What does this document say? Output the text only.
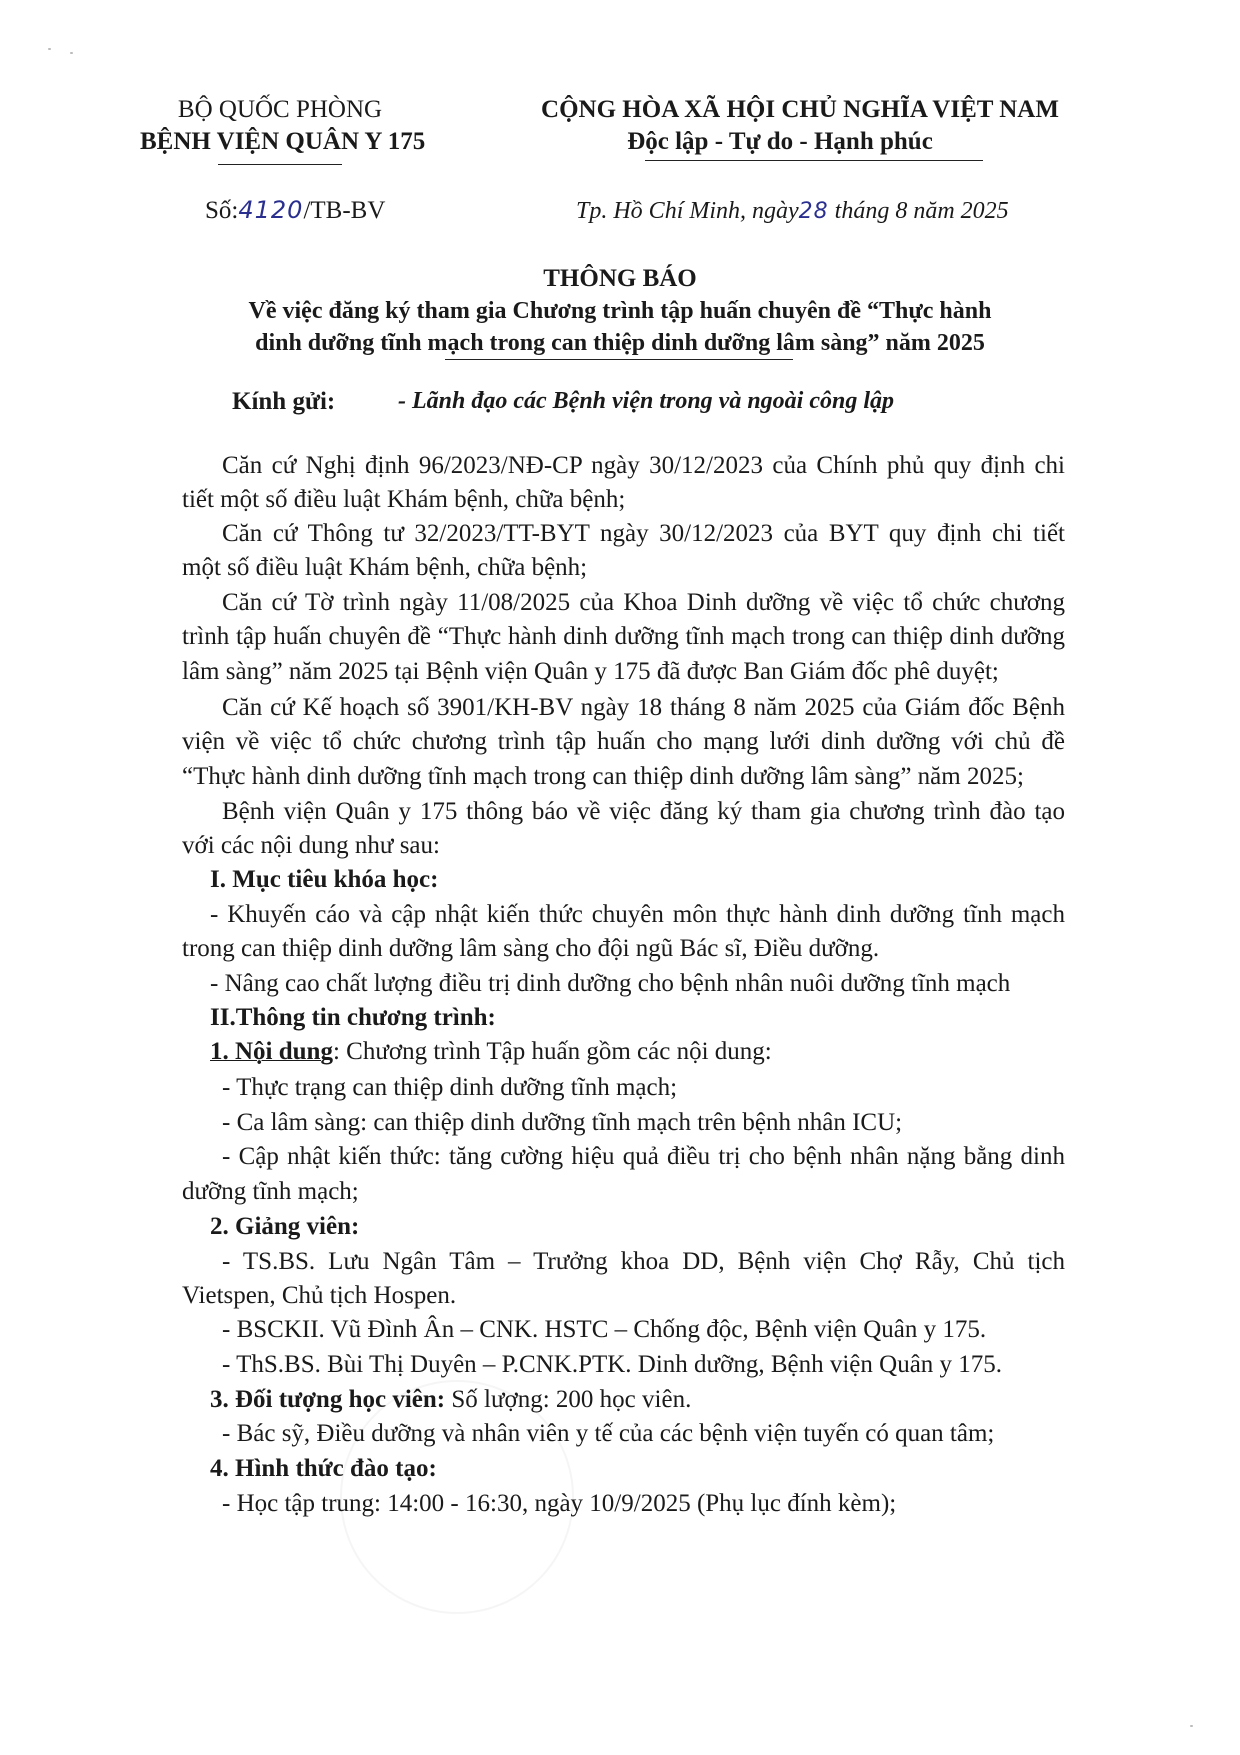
BỘ QUỐC PHÒNG
BỆNH VIỆN QUÂN Y 175
CỘNG HÒA XÃ HỘI CHỦ NGHĨA VIỆT NAM
Độc lập - Tự do - Hạnh phúc
Số:4120/TB-BV	Tp. Hồ Chí Minh, ngày28 tháng 8 năm 2025
THÔNG BÁO
Về việc đăng ký tham gia Chương trình tập huấn chuyên đề “Thực hành
dinh dưỡng tĩnh mạch trong can thiệp dinh dưỡng lâm sàng” năm 2025
Kính gửi:	- Lãnh đạo các Bệnh viện trong và ngoài công lập
Căn cứ Nghị định 96/2023/NĐ-CP ngày 30/12/2023 của Chính phủ quy định chi
tiết một số điều luật Khám bệnh, chữa bệnh;
Căn cứ Thông tư 32/2023/TT-BYT ngày 30/12/2023 của BYT quy định chi tiết
một số điều luật Khám bệnh, chữa bệnh;
Căn cứ Tờ trình ngày 11/08/2025 của Khoa Dinh dưỡng về việc tổ chức chương
trình tập huấn chuyên đề “Thực hành dinh dưỡng tĩnh mạch trong can thiệp dinh dưỡng
lâm sàng” năm 2025 tại Bệnh viện Quân y 175 đã được Ban Giám đốc phê duyệt;
Căn cứ Kế hoạch số 3901/KH-BV ngày 18 tháng 8 năm 2025 của Giám đốc Bệnh
viện về việc tổ chức chương trình tập huấn cho mạng lưới dinh dưỡng với chủ đề
“Thực hành dinh dưỡng tĩnh mạch trong can thiệp dinh dưỡng lâm sàng” năm 2025;
Bệnh viện Quân y 175 thông báo về việc đăng ký tham gia chương trình đào tạo
với các nội dung như sau:
I. Mục tiêu khóa học:
- Khuyến cáo và cập nhật kiến thức chuyên môn thực hành dinh dưỡng tĩnh mạch
trong can thiệp dinh dưỡng lâm sàng cho đội ngũ Bác sĩ, Điều dưỡng.
- Nâng cao chất lượng điều trị dinh dưỡng cho bệnh nhân nuôi dưỡng tĩnh mạch
II.Thông tin chương trình:
1. Nội dung: Chương trình Tập huấn gồm các nội dung:
- Thực trạng can thiệp dinh dưỡng tĩnh mạch;
- Ca lâm sàng: can thiệp dinh dưỡng tĩnh mạch trên bệnh nhân ICU;
- Cập nhật kiến thức: tăng cường hiệu quả điều trị cho bệnh nhân nặng bằng dinh
dưỡng tĩnh mạch;
2. Giảng viên:
- TS.BS. Lưu Ngân Tâm – Trưởng khoa DD, Bệnh viện Chợ Rẫy, Chủ tịch
Vietspen, Chủ tịch Hospen.
- BSCKII. Vũ Đình Ân – CNK. HSTC – Chống độc, Bệnh viện Quân y 175.
- ThS.BS. Bùi Thị Duyên – P.CNK.PTK. Dinh dưỡng, Bệnh viện Quân y 175.
3. Đối tượng học viên: Số lượng: 200 học viên.
- Bác sỹ, Điều dưỡng và nhân viên y tế của các bệnh viện tuyến có quan tâm;
4. Hình thức đào tạo:
- Học tập trung: 14:00 - 16:30, ngày 10/9/2025 (Phụ lục đính kèm);
